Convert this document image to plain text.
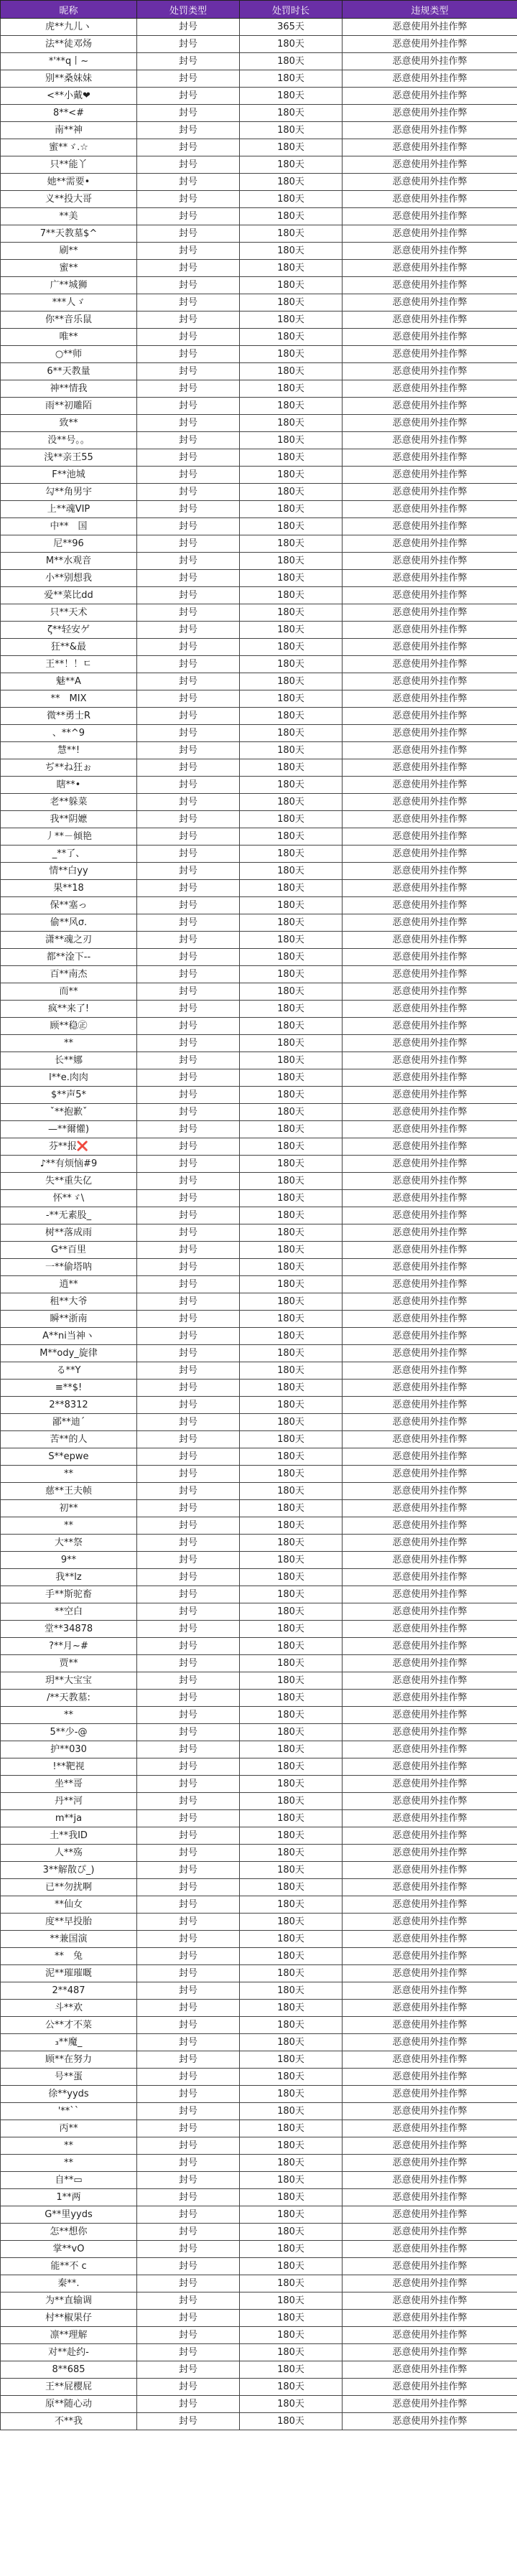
昵称	处罚类型	处罚时长	违规类型
虎**九儿ヽ	封号	365天	恶意使用外挂作弊
法**徒邓炀	封号	180天	恶意使用外挂作弊
*'**q丨~	封号	180天	恶意使用外挂作弊
别**桑妹妹	封号	180天	恶意使用外挂作弊
<**小戴❤	封号	180天	恶意使用外挂作弊
8**<#	封号	180天	恶意使用外挂作弊
南**神	封号	180天	恶意使用外挂作弊
蜜**ゞ.☆	封号	180天	恶意使用外挂作弊
只**能丫	封号	180天	恶意使用外挂作弊
她**需要•	封号	180天	恶意使用外挂作弊
义**投大哥	封号	180天	恶意使用外挂作弊
**美	封号	180天	恶意使用外挂作弊
7**天教墓$^	封号	180天	恶意使用外挂作弊
刷**	封号	180天	恶意使用外挂作弊
蜜**	封号	180天	恶意使用外挂作弊
广**城狮	封号	180天	恶意使用外挂作弊
***人ゞ	封号	180天	恶意使用外挂作弊
你**音乐鼠	封号	180天	恶意使用外挂作弊
唯**	封号	180天	恶意使用外挂作弊
○**师	封号	180天	恶意使用外挂作弊
6**天教量	封号	180天	恶意使用外挂作弊
神**情我	封号	180天	恶意使用外挂作弊
雨**初雕陌	封号	180天	恶意使用外挂作弊
致**	封号	180天	恶意使用外挂作弊
没**号。。	封号	180天	恶意使用外挂作弊
浅**亲王55	封号	180天	恶意使用外挂作弊
F**池城	封号	180天	恶意使用外挂作弊
勾**角男宇	封号	180天	恶意使用外挂作弊
上**魂VIP	封号	180天	恶意使用外挂作弊
中**　国	封号	180天	恶意使用外挂作弊
尼**96	封号	180天	恶意使用外挂作弊
M**水观音	封号	180天	恶意使用外挂作弊
小**别想我	封号	180天	恶意使用外挂作弊
爱**菜比dd	封号	180天	恶意使用外挂作弊
只**天术	封号	180天	恶意使用外挂作弊
ζ**轻安ゲ	封号	180天	恶意使用外挂作弊
狂**&最	封号	180天	恶意使用外挂作弊
王**！！ㄷ	封号	180天	恶意使用外挂作弊
魅**A	封号	180天	恶意使用外挂作弊
**　MIX	封号	180天	恶意使用外挂作弊
微**勇士R	封号	180天	恶意使用外挂作弊
、**^9	封号	180天	恶意使用外挂作弊
慧**!	封号	180天	恶意使用外挂作弊
ぢ**ね狂ぉ	封号	180天	恶意使用外挂作弊
瞎**•	封号	180天	恶意使用外挂作弊
老**躲菜	封号	180天	恶意使用外挂作弊
我**阴嬷	封号	180天	恶意使用外挂作弊
丿**－倾艳	封号	180天	恶意使用外挂作弊
_**了、	封号	180天	恶意使用外挂作弊
情**白yy	封号	180天	恶意使用外挂作弊
果**18	封号	180天	恶意使用外挂作弊
保**塞っ	封号	180天	恶意使用外挂作弊
偷**风σ.	封号	180天	恶意使用外挂作弊
潇**魂之刃	封号	180天	恶意使用外挂作弊
都**淦下--	封号	180天	恶意使用外挂作弊
百**南杰	封号	180天	恶意使用外挂作弊
而**	封号	180天	恶意使用外挂作弊
疯**来了!	封号	180天	恶意使用外挂作弊
顾**稳㊣	封号	180天	恶意使用外挂作弊
**	封号	180天	恶意使用外挂作弊
长**娜	封号	180天	恶意使用外挂作弊
l**e.肉肉	封号	180天	恶意使用外挂作弊
$**声5*	封号	180天	恶意使用外挂作弊
ˇ**抱歉ˇ	封号	180天	恶意使用外挂作弊
—**爾懽)	封号	180天	恶意使用外挂作弊
芬**报❌	封号	180天	恶意使用外挂作弊
♪**有烦恼#9	封号	180天	恶意使用外挂作弊
失**重失亿	封号	180天	恶意使用外挂作弊
怀**ゞ\	封号	180天	恶意使用外挂作弊
-**无素股_	封号	180天	恶意使用外挂作弊
树**落成雨	封号	180天	恶意使用外挂作弊
G**百里	封号	180天	恶意使用外挂作弊
一**偷塔呐	封号	180天	恶意使用外挂作弊
逍**	封号	180天	恶意使用外挂作弊
租**大爷	封号	180天	恶意使用外挂作弊
瞬**浙南	封号	180天	恶意使用外挂作弊
A**ni当神ヽ	封号	180天	恶意使用外挂作弊
M**ody_旋律	封号	180天	恶意使用外挂作弊
る**Y	封号	180天	恶意使用外挂作弊
≡**$!	封号	180天	恶意使用外挂作弊
2**8312	封号	180天	恶意使用外挂作弊
鄙**迪ˊ	封号	180天	恶意使用外挂作弊
苦**的人	封号	180天	恶意使用外挂作弊
S**epwe	封号	180天	恶意使用外挂作弊
**	封号	180天	恶意使用外挂作弊
慈**王夫帧	封号	180天	恶意使用外挂作弊
初**	封号	180天	恶意使用外挂作弊
**	封号	180天	恶意使用外挂作弊
大**祭	封号	180天	恶意使用外挂作弊
9**	封号	180天	恶意使用外挂作弊
我**lz	封号	180天	恶意使用外挂作弊
手**斯驼畜	封号	180天	恶意使用外挂作弊
**空白	封号	180天	恶意使用外挂作弊
堂**34878	封号	180天	恶意使用外挂作弊
?**月~#	封号	180天	恶意使用外挂作弊
贾**	封号	180天	恶意使用外挂作弊
玥**大宝宝	封号	180天	恶意使用外挂作弊
/**天教墓:	封号	180天	恶意使用外挂作弊
**	封号	180天	恶意使用外挂作弊
5**少-@	封号	180天	恶意使用外挂作弊
护**030	封号	180天	恶意使用外挂作弊
!**靶视	封号	180天	恶意使用外挂作弊
坐**哥	封号	180天	恶意使用外挂作弊
丹**河	封号	180天	恶意使用外挂作弊
m**ja	封号	180天	恶意使用外挂作弊
土**我ID	封号	180天	恶意使用外挂作弊
人**殇	封号	180天	恶意使用外挂作弊
3**解散ぴ_)	封号	180天	恶意使用外挂作弊
已**勿扰啊	封号	180天	恶意使用外挂作弊
**仙女	封号	180天	恶意使用外挂作弊
度**早投胎	封号	180天	恶意使用外挂作弊
**兼国演	封号	180天	恶意使用外挂作弊
**　兔	封号	180天	恶意使用外挂作弊
泥**璀璀嘅	封号	180天	恶意使用外挂作弊
2**487	封号	180天	恶意使用外挂作弊
斗**欢	封号	180天	恶意使用外挂作弊
公**才不菜	封号	180天	恶意使用外挂作弊
₃**魔_	封号	180天	恶意使用外挂作弊
顾**在努力	封号	180天	恶意使用外挂作弊
号**蛋	封号	180天	恶意使用外挂作弊
徐**yyds	封号	180天	恶意使用外挂作弊
'**ˋ`	封号	180天	恶意使用外挂作弊
丙**	封号	180天	恶意使用外挂作弊
**	封号	180天	恶意使用外挂作弊
**	封号	180天	恶意使用外挂作弊
自**▭	封号	180天	恶意使用外挂作弊
1**两	封号	180天	恶意使用外挂作弊
G**里yyds	封号	180天	恶意使用外挂作弊
怎**想你	封号	180天	恶意使用外挂作弊
掌**vO	封号	180天	恶意使用外挂作弊
能**不 c	封号	180天	恶意使用外挂作弊
秦**.	封号	180天	恶意使用外挂作弊
为**直输调	封号	180天	恶意使用外挂作弊
村**椒果仔	封号	180天	恶意使用外挂作弊
凛**理解	封号	180天	恶意使用外挂作弊
对**赴约-	封号	180天	恶意使用外挂作弊
8**685	封号	180天	恶意使用外挂作弊
王**屁樱屁	封号	180天	恶意使用外挂作弊
原**随心动	封号	180天	恶意使用外挂作弊
不**我	封号	180天	恶意使用外挂作弊
